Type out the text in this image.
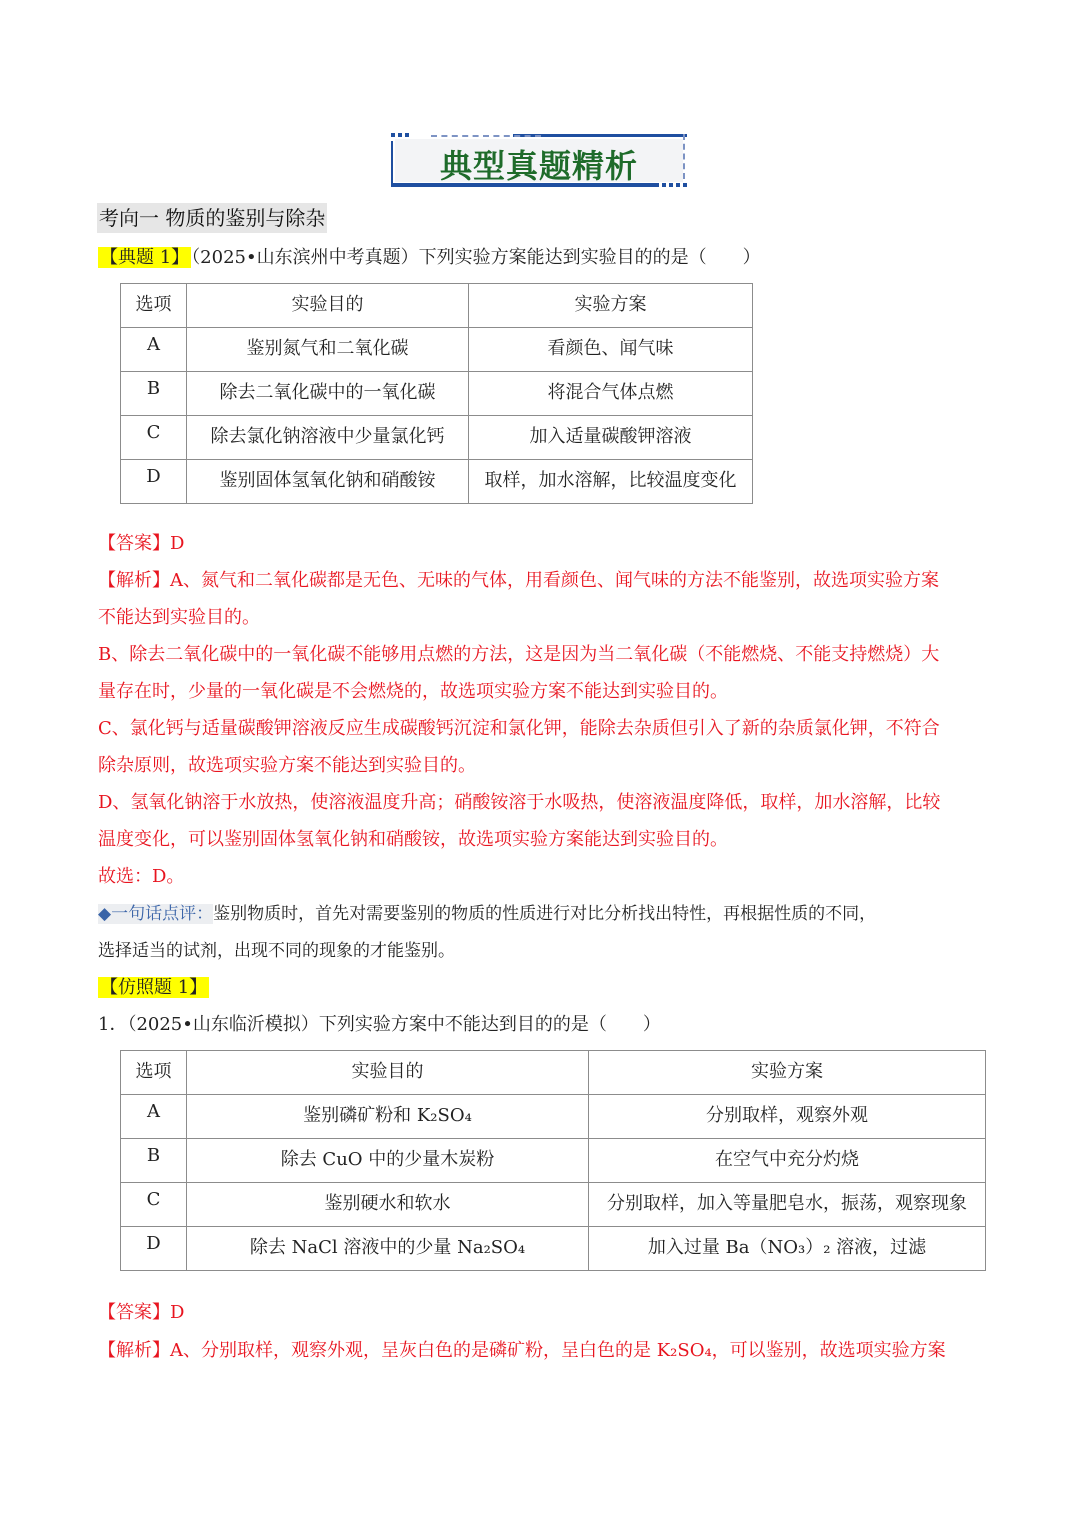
典型真题精析
考向一 物质的鉴别与除杂
【典题 1】 （2025•山东滨州中考真题）下列实验方案能达到实验目的的是（　　）
选项	实验目的	实验方案
A	鉴别氮气和二氧化碳	看颜色、闻气味
B	除去二氧化碳中的一氧化碳	将混合气体点燃
C	除去氯化钠溶液中少量氯化钙	加入适量碳酸钾溶液
D	鉴别固体氢氧化钠和硝酸铵	取样，加水溶解，比较温度变化
【答案】D
【解析】A、氮气和二氧化碳都是无色、无味的气体，用看颜色、闻气味的方法不能鉴别，故选项实验方案
不能达到实验目的。
B、除去二氧化碳中的一氧化碳不能够用点燃的方法，这是因为当二氧化碳（不能燃烧、不能支持燃烧）大
量存在时，少量的一氧化碳是不会燃烧的，故选项实验方案不能达到实验目的。
C、氯化钙与适量碳酸钾溶液反应生成碳酸钙沉淀和氯化钾，能除去杂质但引入了新的杂质氯化钾，不符合
除杂原则，故选项实验方案不能达到实验目的。
D、氢氧化钠溶于水放热，使溶液温度升高；硝酸铵溶于水吸热，使溶液温度降低，取样，加水溶解，比较
温度变化，可以鉴别固体氢氧化钠和硝酸铵，故选项实验方案能达到实验目的。
故选：D。
◆一句话点评：鉴别物质时，首先对需要鉴别的物质的性质进行对比分析找出特性，再根据性质的不同，
选择适当的试剂，出现不同的现象的才能鉴别。
【仿照题 1】
1．（2025•山东临沂模拟）下列实验方案中不能达到目的的是（　　）
选项	实验目的	实验方案
A	鉴别磷矿粉和 K₂SO₄	分别取样，观察外观
B	除去 CuO 中的少量木炭粉	在空气中充分灼烧
C	鉴别硬水和软水	分别取样，加入等量肥皂水，振荡，观察现象
D	除去 NaCl 溶液中的少量 Na₂SO₄	加入过量 Ba（NO₃）₂ 溶液，过滤
【答案】D
【解析】A、分别取样，观察外观，呈灰白色的是磷矿粉，呈白色的是 K₂SO₄，可以鉴别，故选项实验方案
